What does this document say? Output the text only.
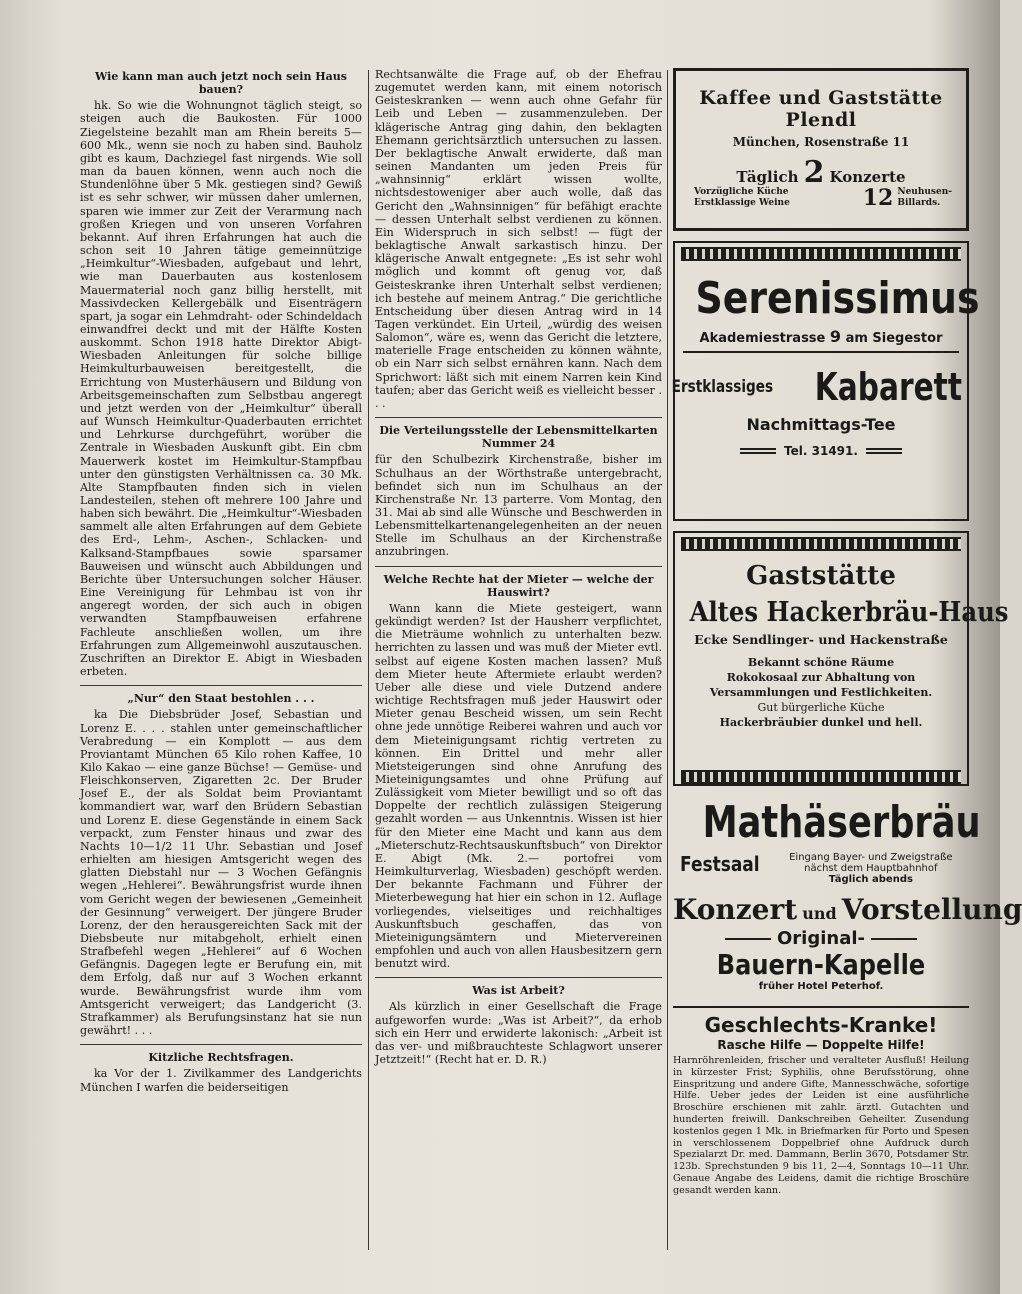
Wie kann man auch jetzt noch sein Haus bauen?

hk. So wie die Wohnungnot täglich steigt, so steigen auch die Baukosten. Für 1000 Ziegelsteine bezahlt man am Rhein bereits 5—600 Mk., wenn sie noch zu haben sind. Bauholz gibt es kaum, Dachziegel fast nirgends. Wie soll man da bauen können, wenn auch noch die Stundenlöhne über 5 Mk. gestiegen sind? Gewiß ist es sehr schwer, wir müssen daher umlernen, sparen wie immer zur Zeit der Verarmung nach großen Kriegen und von unseren Vorfahren bekannt. Auf ihren Erfahrungen hat auch die schon seit 10 Jahren tätige gemeinnützige „Heimkultur“-Wiesbaden, aufgebaut und lehrt, wie man Dauerbauten aus kostenlosem Mauermaterial noch ganz billig herstellt, mit Massivdecken Kellergebälk und Eisenträgern spart, ja sogar ein Lehmdraht- oder Schindeldach einwandfrei deckt und mit der Hälfte Kosten auskommt. Schon 1918 hatte Direktor Abigt-Wiesbaden Anleitungen für solche billige Heimkulturbauweisen bereitgestellt, die Errichtung von Musterhäusern und Bildung von Arbeitsgemeinschaften zum Selbstbau angeregt und jetzt werden von der „Heimkultur“ überall auf Wunsch Heimkultur-Quaderbauten errichtet und Lehrkurse durchgeführt, worüber die Zentrale in Wiesbaden Auskunft gibt. Ein cbm Mauerwerk kostet im Heimkultur-Stampfbau unter den günstigsten Verhältnissen ca. 30 Mk. Alte Stampfbauten finden sich in vielen Landesteilen, stehen oft mehrere 100 Jahre und haben sich bewährt. Die „Heimkultur“-Wiesbaden sammelt alle alten Erfahrungen auf dem Gebiete des Erd-, Lehm-, Aschen-, Schlacken- und Kalksand-Stampfbaues sowie sparsamer Bauweisen und wünscht auch Abbildungen und Berichte über Untersuchungen solcher Häuser. Eine Vereinigung für Lehmbau ist von ihr angeregt worden, der sich auch in obigen verwandten Stampfbauweisen erfahrene Fachleute anschließen wollen, um ihre Erfahrungen zum Allgemeinwohl auszutauschen. Zuschriften an Direktor E. Abigt in Wiesbaden erbeten.

„Nur“ den Staat bestohlen . . .

ka Die Diebsbrüder Josef, Sebastian und Lorenz E. . . . stahlen unter gemeinschaftlicher Verabredung — ein Komplott — aus dem Proviantamt München 65 Kilo rohen Kaffee, 10 Kilo Kakao — eine ganze Büchse! — Gemüse- und Fleischkonserven, Zigaretten 2c. Der Bruder Josef E., der als Soldat beim Proviantamt kommandiert war, warf den Brüdern Sebastian und Lorenz E. diese Gegenstände in einem Sack verpackt, zum Fenster hinaus und zwar des Nachts 10—1/2 11 Uhr. Sebastian und Josef erhielten am hiesigen Amtsgericht wegen des glatten Diebstahl nur — 3 Wochen Gefängnis wegen „Hehlerei“. Bewährungsfrist wurde ihnen vom Gericht wegen der bewiesenen „Gemeinheit der Gesinnung“ verweigert. Der jüngere Bruder Lorenz, der den herausgereichten Sack mit der Diebsbeute nur mitabgeholt, erhielt einen Strafbefehl wegen „Hehlerei“ auf 6 Wochen Gefängnis. Dagegen legte er Berufung ein, mit dem Erfolg, daß nur auf 3 Wochen erkannt wurde. Bewährungsfrist wurde ihm vom Amtsgericht verweigert; das Landgericht (3. Strafkammer) als Berufungsinstanz hat sie nun gewährt! . . .

Kitzliche Rechtsfragen.

ka Vor der 1. Zivilkammer des Landgerichts München I warfen die beiderseitigen

Rechtsanwälte die Frage auf, ob der Ehefrau zugemutet werden kann, mit einem notorisch Geisteskranken — wenn auch ohne Gefahr für Leib und Leben — zusammenzuleben. Der klägerische Antrag ging dahin, den beklagten Ehemann gerichtsärztlich untersuchen zu lassen. Der beklagtische Anwalt erwiderte, daß man seinen Mandanten um jeden Preis für „wahnsinnig“ erklärt wissen wollte, nichtsdestoweniger aber auch wolle, daß das Gericht den „Wahnsinnigen“ für befähigt erachte — dessen Unterhalt selbst verdienen zu können. Ein Widerspruch in sich selbst! — fügt der beklagtische Anwalt sarkastisch hinzu. Der klägerische Anwalt entgegnete: „Es ist sehr wohl möglich und kommt oft genug vor, daß Geisteskranke ihren Unterhalt selbst verdienen; ich bestehe auf meinem Antrag.“ Die gerichtliche Entscheidung über diesen Antrag wird in 14 Tagen verkündet. Ein Urteil, „würdig des weisen Salomon“, wäre es, wenn das Gericht die letztere, materielle Frage entscheiden zu können wähnte, ob ein Narr sich selbst ernähren kann. Nach dem Sprichwort: läßt sich mit einem Narren kein Kind taufen; aber das Gericht weiß es vielleicht besser . . .

Die Verteilungsstelle der Lebensmittelkarten Nummer 24

für den Schulbezirk Kirchenstraße, bisher im Schulhaus an der Wörthstraße untergebracht, befindet sich nun im Schulhaus an der Kirchenstraße Nr. 13 parterre. Vom Montag, den 31. Mai ab sind alle Wünsche und Beschwerden in Lebensmittelkartenangelegenheiten an der neuen Stelle im Schulhaus an der Kirchenstraße anzubringen.

Welche Rechte hat der Mieter — welche der Hauswirt?

Wann kann die Miete gesteigert, wann gekündigt werden? Ist der Hausherr verpflichtet, die Mieträume wohnlich zu unterhalten bezw. herrichten zu lassen und was muß der Mieter evtl. selbst auf eigene Kosten machen lassen? Muß dem Mieter heute Aftermiete erlaubt werden? Ueber alle diese und viele Dutzend andere wichtige Rechtsfragen muß jeder Hauswirt oder Mieter genau Bescheid wissen, um sein Recht ohne jede unnötige Reiberei wahren und auch vor dem Mieteinigungsamt richtig vertreten zu können. Ein Drittel und mehr aller Mietsteigerungen sind ohne Anrufung des Mieteinigungsamtes und ohne Prüfung auf Zulässigkeit vom Mieter bewilligt und so oft das Doppelte der rechtlich zulässigen Steigerung gezahlt worden — aus Unkenntnis. Wissen ist hier für den Mieter eine Macht und kann aus dem „Mieterschutz-Rechtsauskunftsbuch“ von Direktor E. Abigt (Mk. 2.— portofrei vom Heimkulturverlag, Wiesbaden) geschöpft werden. Der bekannte Fachmann und Führer der Mieterbewegung hat hier ein schon in 12. Auflage vorliegendes, vielseitiges und reichhaltiges Auskunftsbuch geschaffen, das von Mieteinigungsämtern und Mietervereinen empfohlen und auch von allen Hausbesitzern gern benutzt wird.

Was ist Arbeit?

Als kürzlich in einer Gesellschaft die Frage aufgeworfen wurde: „Was ist Arbeit?“, da erhob sich ein Herr und erwiderte lakonisch: „Arbeit ist das ver- und mißbrauchteste Schlagwort unserer Jetztzeit!“ (Recht hat er. D. R.)

Kaffee und Gaststätte Plendl
München, Rosenstraße 11
Täglich 2 Konzerte
Vorzügliche Küche
Erstklassige Weine	12 Neuhusen-
Billards.
Serenissimus
Akademiestrasse 9 am Siegestor
Erstklassiges Kabarett
Nachmittags-Tee
Tel. 31491.
Gaststätte
Altes Hackerbräu-Haus
Ecke Sendlinger- und Hackenstraße
Bekannt schöne Räume
Rokokosaal zur Abhaltung von
Versammlungen und Festlichkeiten.
Gut bürgerliche Küche
Hackerbräubier dunkel und hell.
Mathäserbräu
Festsaal	Eingang Bayer- und Zweigstraße
nächst dem Hauptbahnhof
Täglich abends
Konzert und Vorstellung
Original-
Bauern-Kapelle
früher Hotel Peterhof.
Geschlechts-Kranke!
Rasche Hilfe — Doppelte Hilfe!
Harnröhrenleiden, frischer und veralteter Ausfluß! Heilung in kürzester Frist; Syphilis, ohne Berufsstörung, ohne Einspritzung und andere Gifte, Mannesschwäche, sofortige Hilfe. Ueber jedes der Leiden ist eine ausführliche Broschüre erschienen mit zahlr. ärztl. Gutachten und hunderten freiwill. Dankschreiben Geheilter. Zusendung kostenlos gegen 1 Mk. in Briefmarken für Porto und Spesen in verschlossenem Doppelbrief ohne Aufdruck durch Spezialarzt Dr. med. Dammann, Berlin 3670, Potsdamer Str. 123b. Sprechstunden 9 bis 11, 2—4, Sonntags 10—11 Uhr. Genaue Angabe des Leidens, damit die richtige Broschüre gesandt werden kann.
